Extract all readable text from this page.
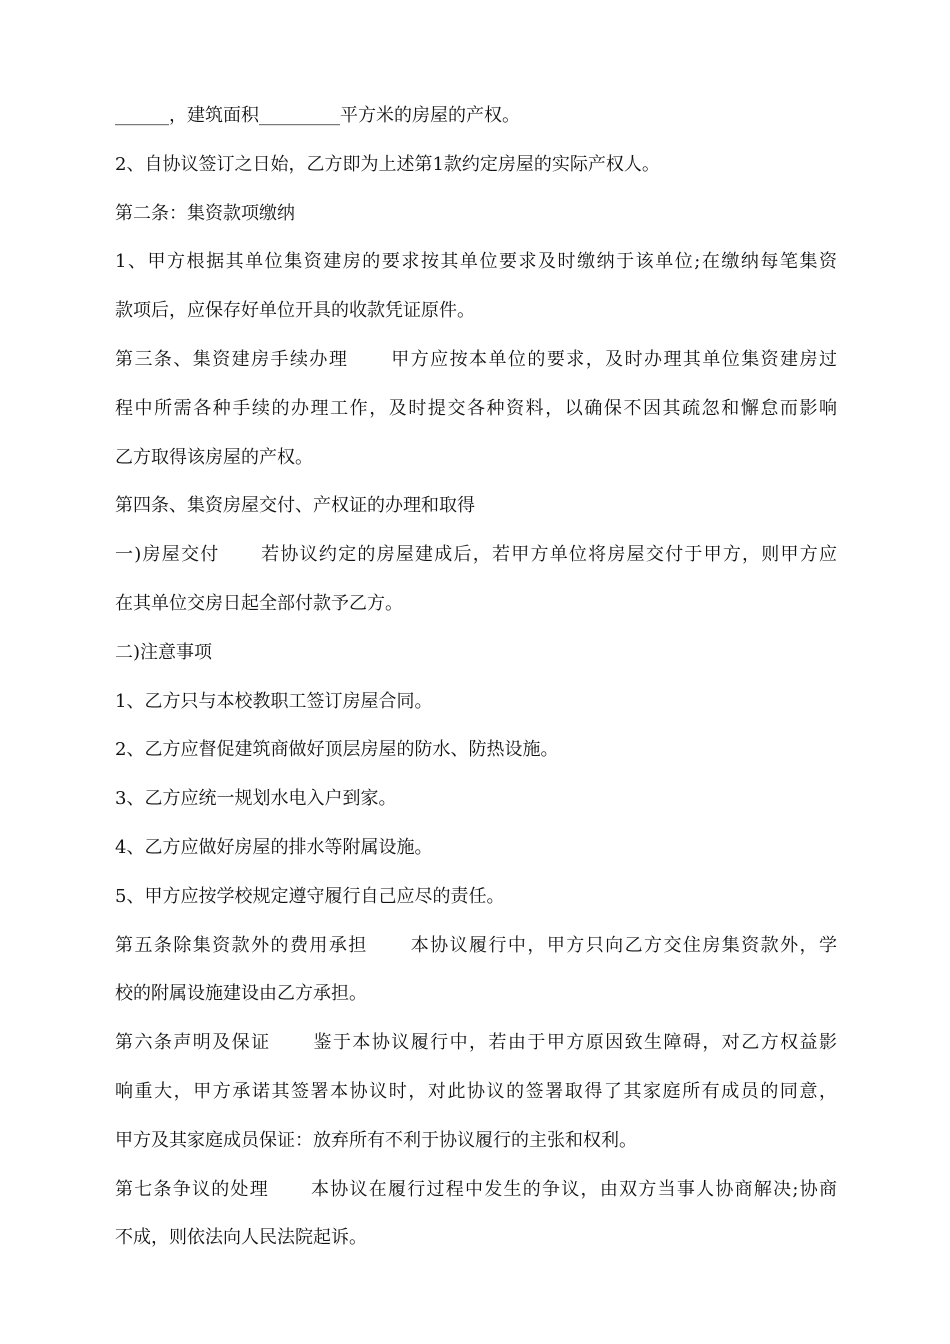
______，建筑面积_________平方米的房屋的产权。
2、自协议签订之日始，乙方即为上述第1款约定房屋的实际产权人。
第二条：集资款项缴纳
1、甲方根据其单位集资建房的要求按其单位要求及时缴纳于该单位;在缴纳每笔集资
款项后，应保存好单位开具的收款凭证原件。
第三条、集资建房手续办理      甲方应按本单位的要求，及时办理其单位集资建房过
程中所需各种手续的办理工作，及时提交各种资料，以确保不因其疏忽和懈怠而影响
乙方取得该房屋的产权。
第四条、集资房屋交付、产权证的办理和取得
一)房屋交付      若协议约定的房屋建成后，若甲方单位将房屋交付于甲方，则甲方应
在其单位交房日起全部付款予乙方。
二)注意事项
1、乙方只与本校教职工签订房屋合同。
2、乙方应督促建筑商做好顶层房屋的防水、防热设施。
3、乙方应统一规划水电入户到家。
4、乙方应做好房屋的排水等附属设施。
5、甲方应按学校规定遵守履行自己应尽的责任。
第五条除集资款外的费用承担      本协议履行中，甲方只向乙方交住房集资款外，学
校的附属设施建设由乙方承担。
第六条声明及保证      鉴于本协议履行中，若由于甲方原因致生障碍，对乙方权益影
响重大，甲方承诺其签署本协议时，对此协议的签署取得了其家庭所有成员的同意，
甲方及其家庭成员保证：放弃所有不利于协议履行的主张和权利。
第七条争议的处理      本协议在履行过程中发生的争议，由双方当事人协商解决;协商
不成，则依法向人民法院起诉。
